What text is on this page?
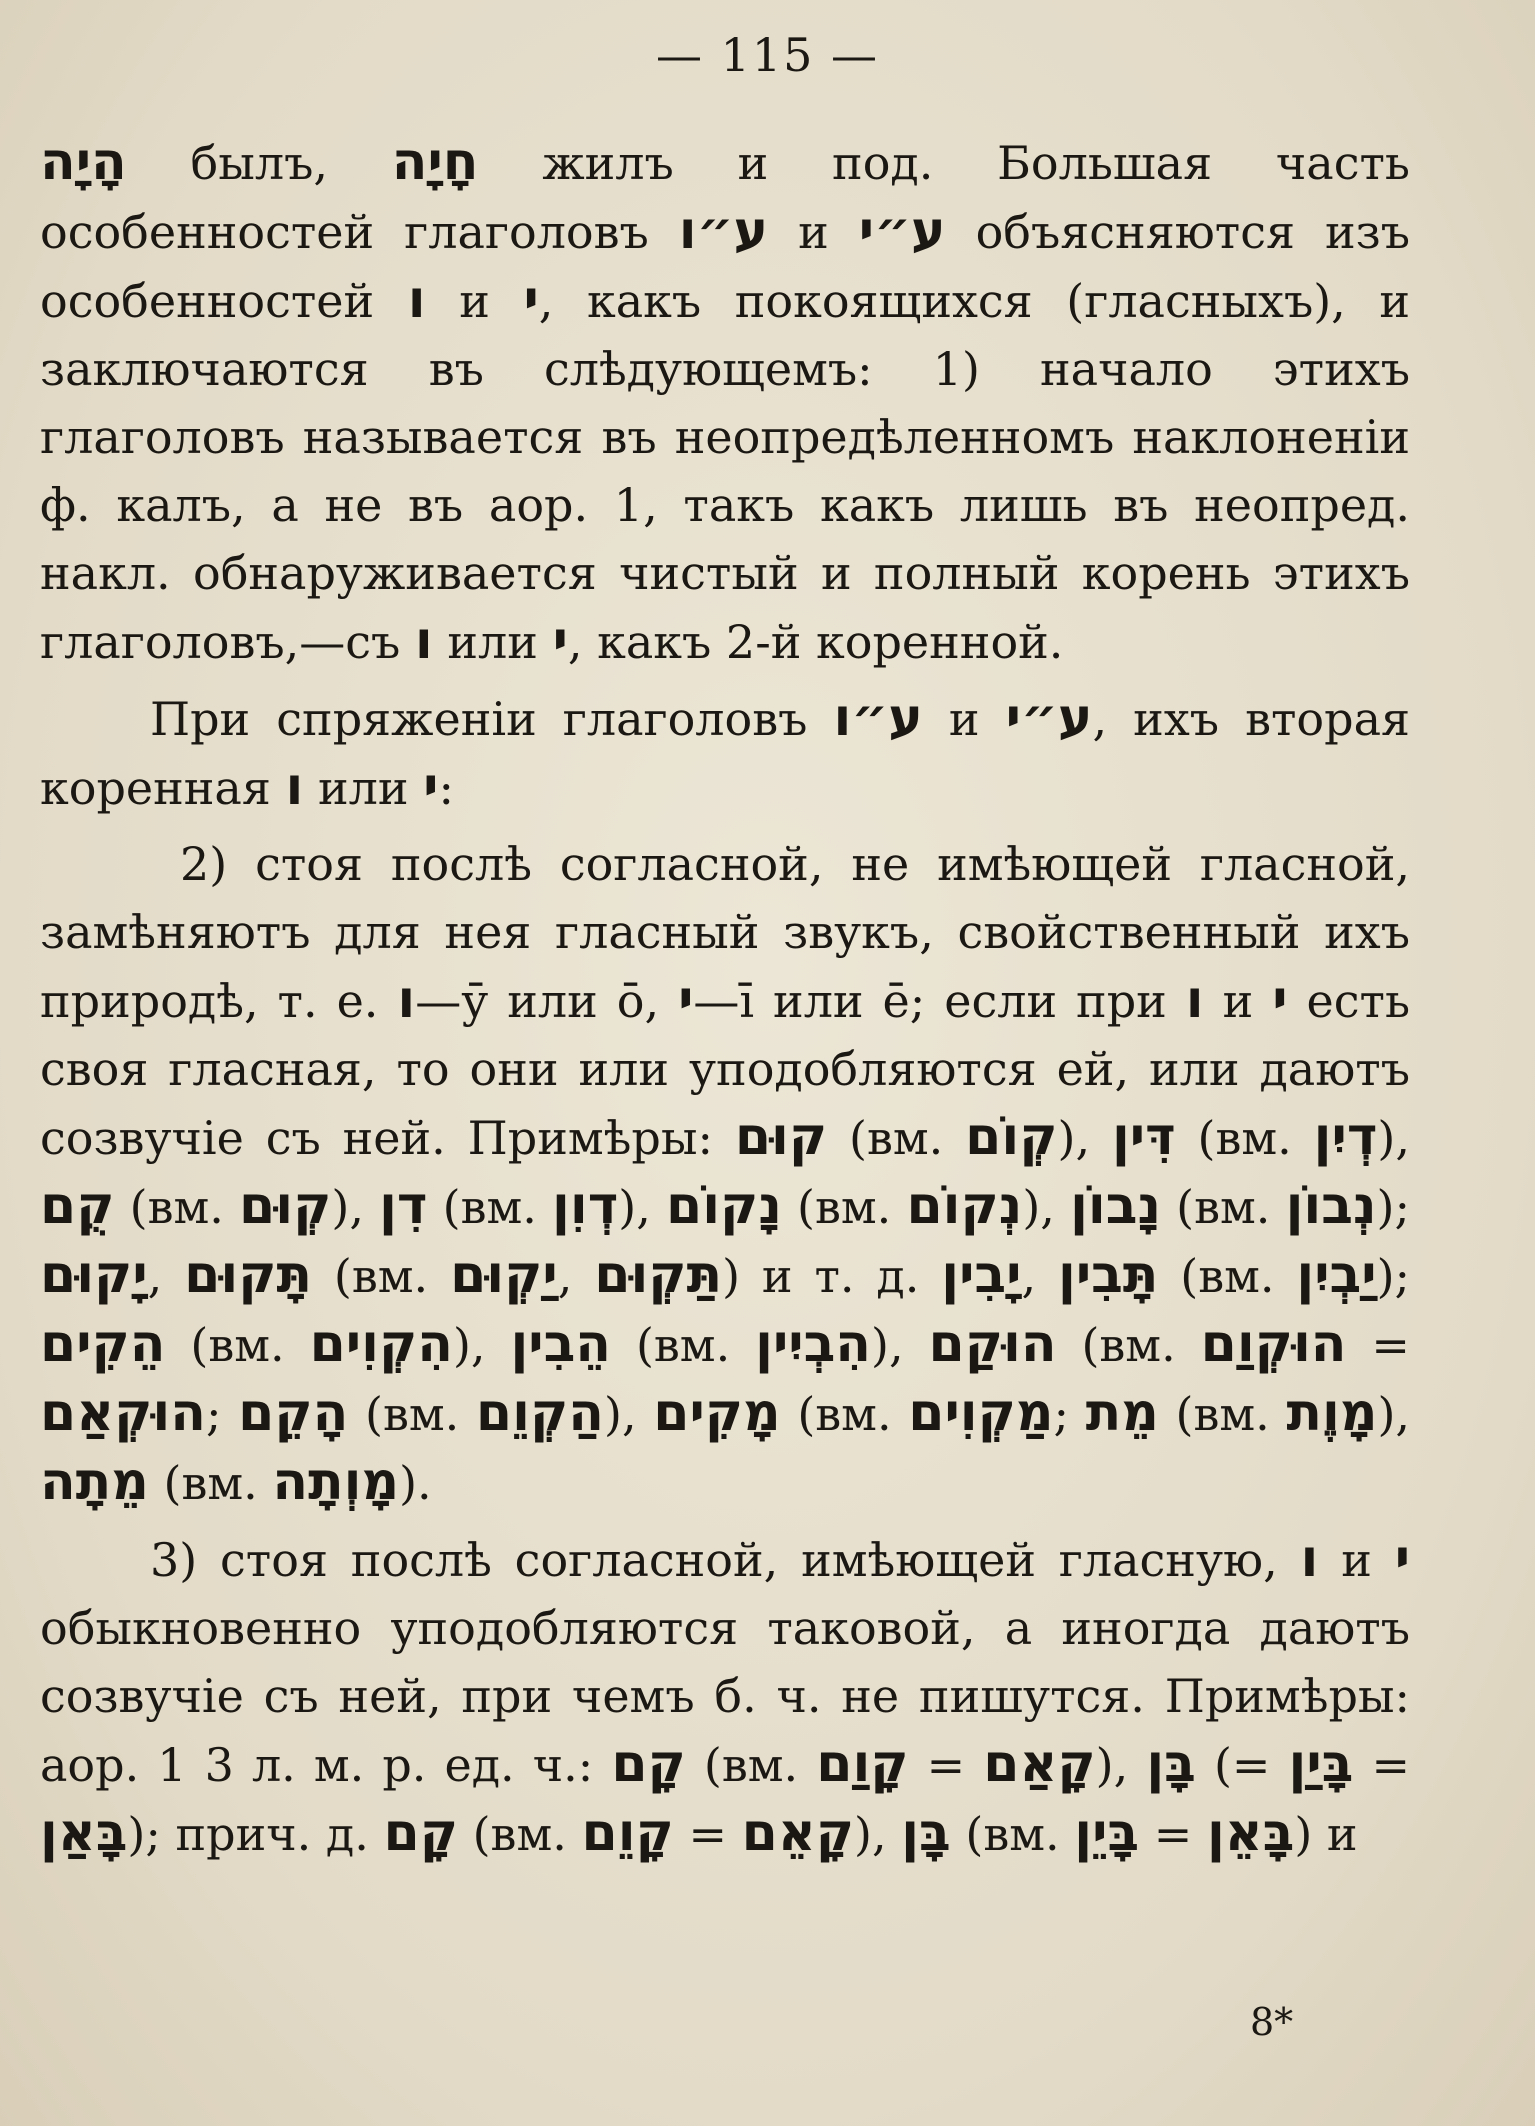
— 115 —

הָיָה былъ, חָיָה жилъ и под. Большая часть особенностей глаголовъ ע״ו и ע״י объясняются изъ особенностей ו и י, какъ покоящихся (гласныхъ), и заключаются въ слѣдующемъ: 1) начало этихъ глаголовъ называется въ неопредѣленномъ наклоненіи ф. калъ, а не въ аор. 1, такъ какъ лишь въ неопред. накл. обнаруживается чистый и полный корень этихъ глаголовъ,—съ ו или י, какъ 2-й коренной.

При спряженіи глаголовъ ע״ו и ע״י, ихъ вторая коренная ו или י:

2) стоя послѣ согласной, не имѣющей гласной, замѣняютъ для нея гласный звукъ, свойственный ихъ природѣ, т. е. ו—ӯ или ō, י—ī или ē; если при ו и י есть своя гласная, то они или уподобляются ей, или даютъ созвучіе съ ней. Примѣры: קוּם (вм. קְוֹם), דִּין (вм. דְיִן), קֻם (вм. קְוּם), דִן (вм. דְוִן), נָקוֹם (вм. נְקוֹם), נָבוֹן (вм. נְבוֹן); יָקוּם, תָּקוּם (вм. יַקְוּם, תַּקְוּם) и т. д. יָבִין, תָּבִין (вм. יַבְיִן); הֵקִים (вм. הִקְוִים), הֵבִין (вм. הִבְיִין), הוּקַם (вм. הוּקְוַם = הוּקְאַם; הָקֵם (вм. הַקְוֵם), מָקִים (вм. מַקְוִים; מֵת (вм. מָוֶת), מֵתָה (вм. מָוְתָה).

3) стоя послѣ согласной, имѣющей гласную, ו и י обыкновенно уподобляются таковой, а иногда даютъ созвучіе съ ней, при чемъ б. ч. не пишутся. Примѣры: аор. 1 3 л. м. р. ед. ч.: קָם (вм. קָוַם = קָאַם), בָּן (= בָּיַן = בָּאַן); прич. д. קָם (вм. קָוֵם = קָאֵם), בָּן (вм. בָּיֵן = בָּאֵן) и

8*
